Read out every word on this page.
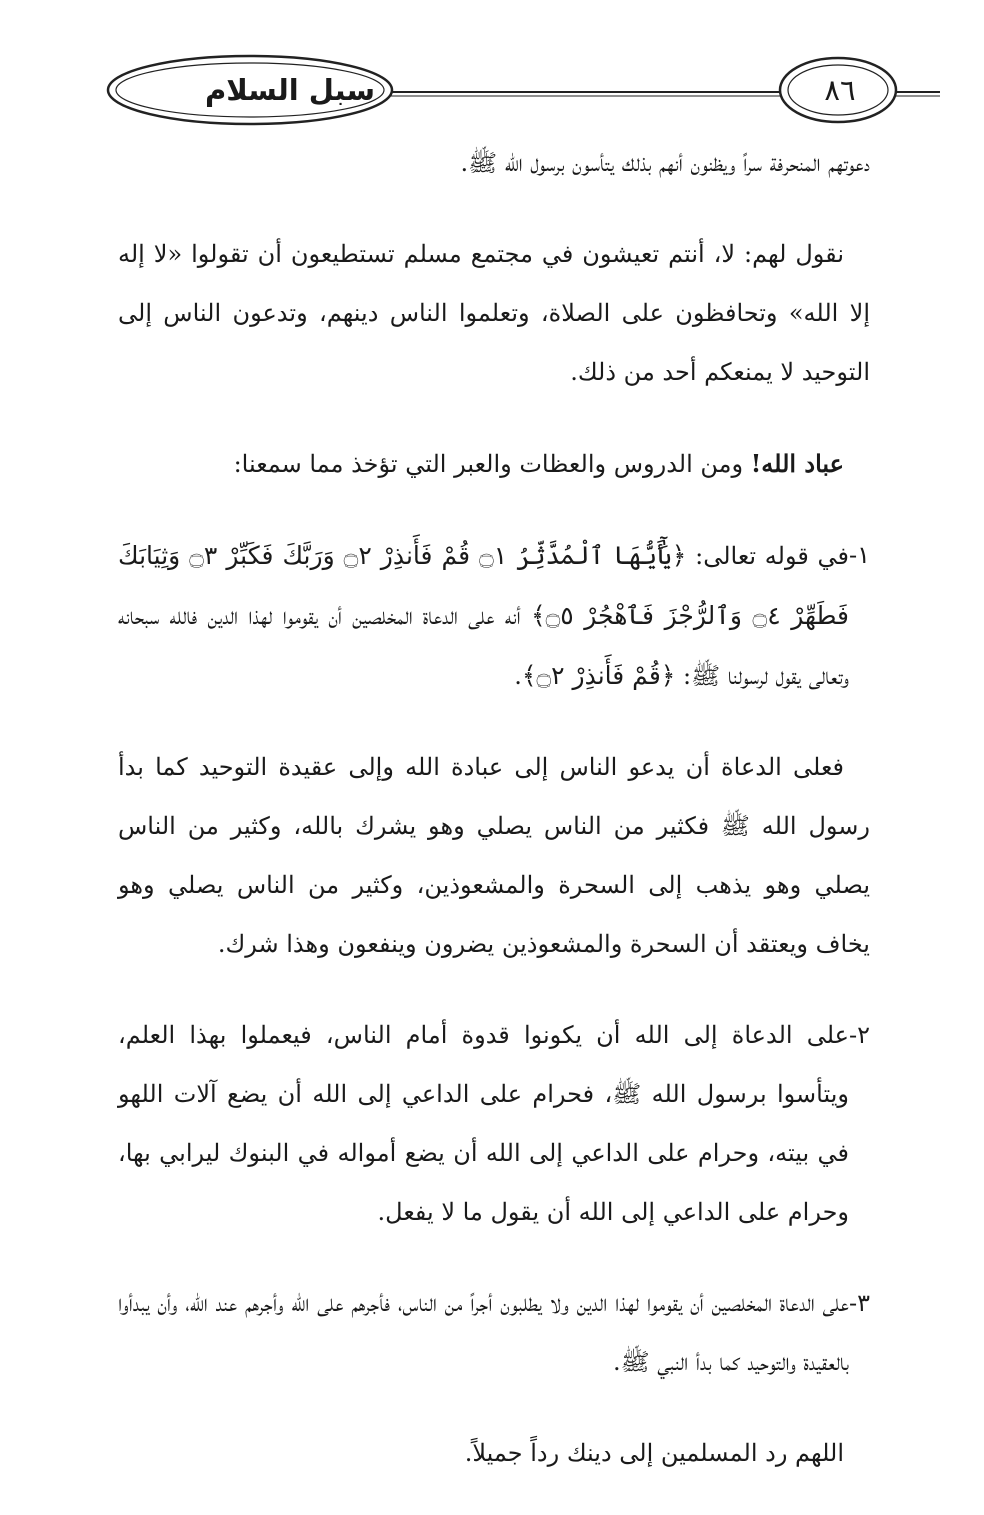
سبل السلام	٨٦

دعوتهم المنحرفة سراً ويظنون أنهم بذلك يتأسون برسول الله ﷺ.

نقول لهم: لا، أنتم تعيشون في مجتمع مسلم تستطيعون أن تقولوا «لا إله إلا الله» وتحافظون على الصلاة، وتعلموا الناس دينهم، وتدعون الناس إلى التوحيد لا يمنعكم أحد من ذلك.

عباد الله! ومن الدروس والعظات والعبر التي تؤخذ مما سمعنا:

١-
في قوله تعالى: ﴿يَٰٓأَيُّهَا ٱلْمُدَّثِّرُ ۝١ قُمْ فَأَنذِرْ ۝٢ وَرَبَّكَ فَكَبِّرْ ۝٣ وَثِيَابَكَ فَطَهِّرْ ۝٤ وَٱلرُّجْزَ فَٱهْجُرْ ۝٥﴾ أنه على الدعاة المخلصين أن يقوموا لهذا الدين فالله سبحانه وتعالى يقول لرسولنا ﷺ: ﴿قُمْ فَأَنذِرْ ۝٢﴾.

فعلى الدعاة أن يدعو الناس إلى عبادة الله وإلى عقيدة التوحيد كما بدأ رسول الله ﷺ فكثير من الناس يصلي وهو يشرك بالله، وكثير من الناس يصلي وهو يذهب إلى السحرة والمشعوذين، وكثير من الناس يصلي وهو يخاف ويعتقد أن السحرة والمشعوذين يضرون وينفعون وهذا شرك.

٢-
على الدعاة إلى الله أن يكونوا قدوة أمام الناس، فيعملوا بهذا العلم، ويتأسوا برسول الله ﷺ، فحرام على الداعي إلى الله أن يضع آلات اللهو في بيته، وحرام على الداعي إلى الله أن يضع أمواله في البنوك ليرابي بها، وحرام على الداعي إلى الله أن يقول ما لا يفعل.
٣-
على الدعاة المخلصين أن يقوموا لهذا الدين ولا يطلبون أجراً من الناس، فأجرهم على الله وأجرهم عند الله، وأن يبدأوا بالعقيدة والتوحيد كما بدأ النبي ﷺ.

اللهم رد المسلمين إلى دينك رداً جميلاً.
